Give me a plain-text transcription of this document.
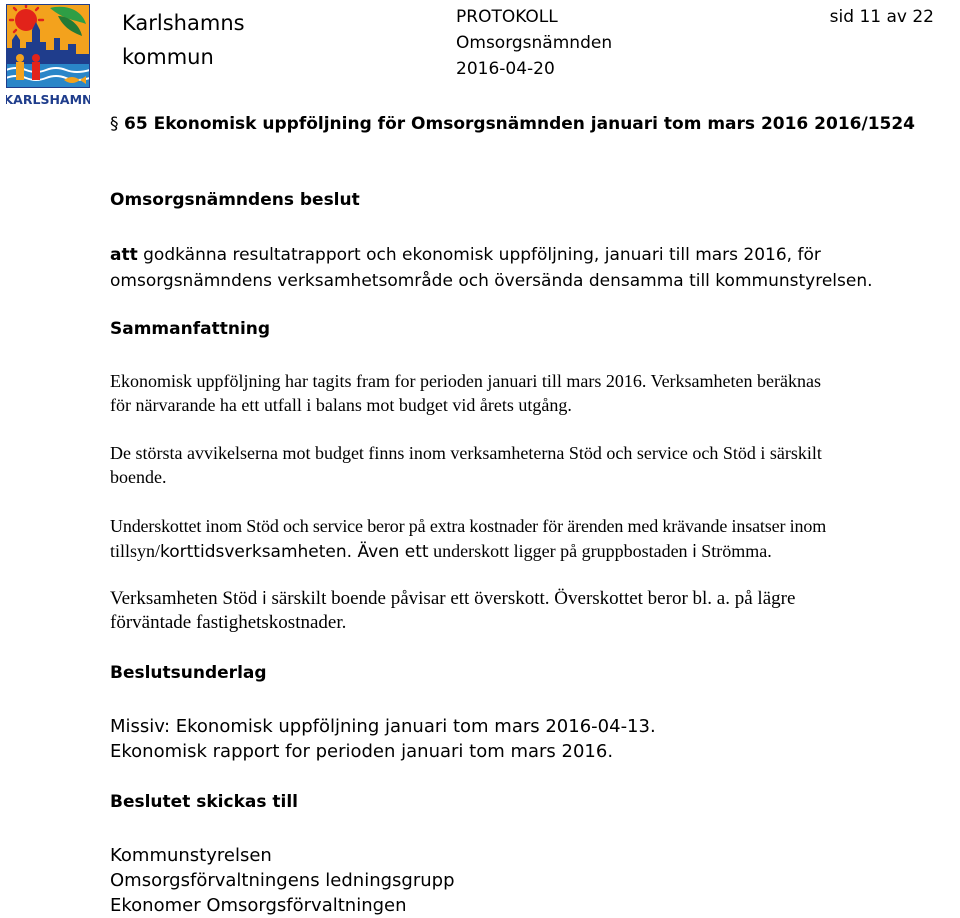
KARLSHAMN
Karlshamns
kommun
PROTOKOLL
Omsorgsnämnden
2016-04-20
sid 11 av 22
§ 65 Ekonomisk uppföljning för Omsorgsnämnden januari tom mars 2016 2016/1524
Omsorgsnämndens beslut

att godkänna resultatrapport och ekonomisk uppföljning, januari till mars 2016, för
omsorgsnämndens verksamhetsområde och översända densamma till kommunstyrelsen.

Sammanfattning

Ekonomisk uppföljning har tagits fram for perioden januari till mars 2016. Verksamheten beräknas
för närvarande ha ett utfall i balans mot budget vid årets utgång.

De största avvikelserna mot budget finns inom verksamheterna Stöd och service och Stöd i särskilt
boende.

Underskottet inom Stöd och service beror på extra kostnader för ärenden med krävande insatser inom
tillsyn/korttidsverksamheten. Även ett underskott ligger på gruppbostaden i Strömma.

Verksamheten Stöd i särskilt boende påvisar ett överskott. Överskottet beror bl. a. på lägre
förväntade fastighetskostnader.

Beslutsunderlag

Missiv: Ekonomisk uppföljning januari tom mars 2016-04-13.
Ekonomisk rapport for perioden januari tom mars 2016.

Beslutet skickas till

Kommunstyrelsen
Omsorgsförvaltningens ledningsgrupp
Ekonomer Omsorgsförvaltningen
